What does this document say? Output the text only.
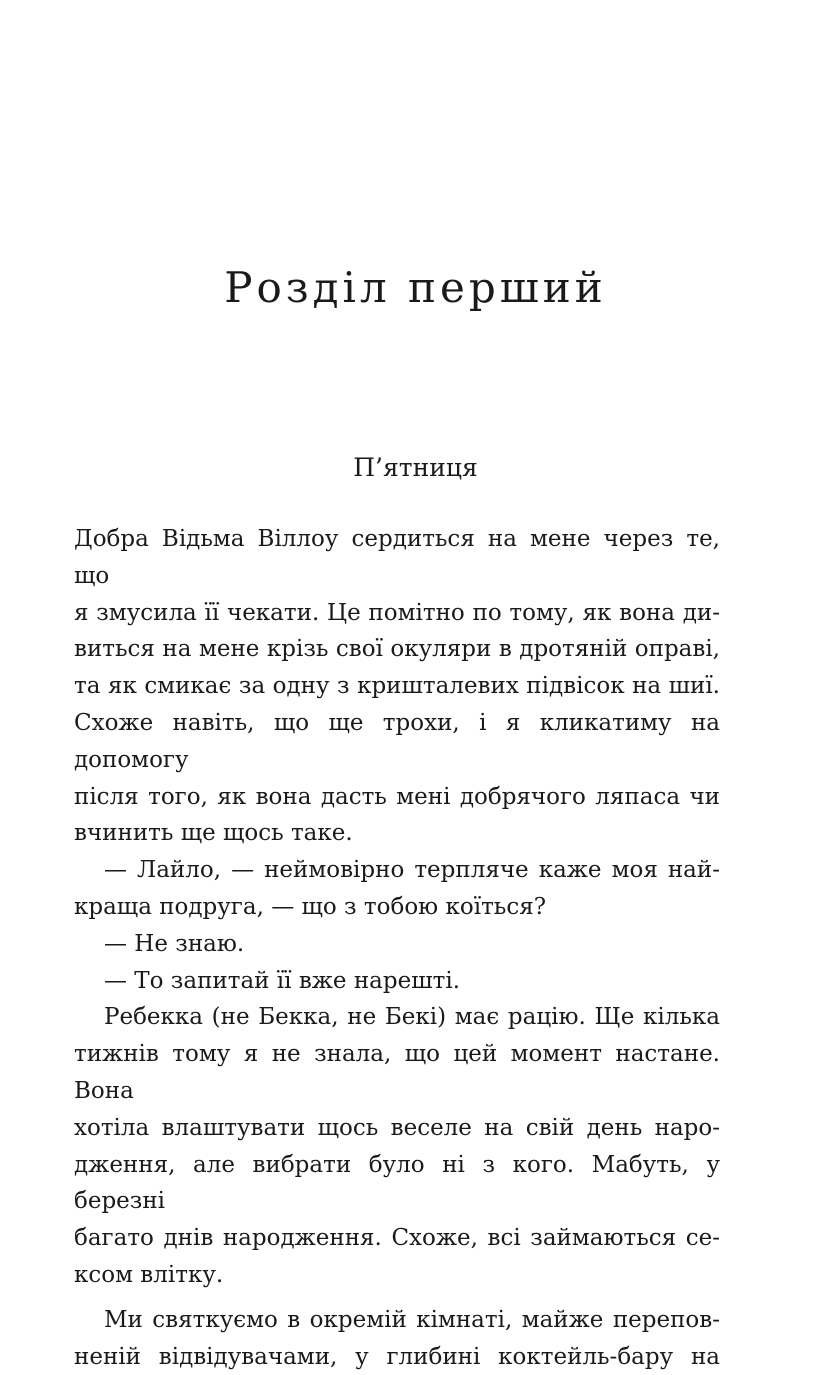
Розділ перший
П’ятниця

Добра Відьма Віллоу сердиться на мене через те, що

я змусила її чекати. Це помітно по тому, як вона ди-

виться на мене крізь свої окуляри в дротяній оправі,

та як смикає за одну з кришталевих підвісок на шиї.

Схоже навіть, що ще трохи, і я кликатиму на допомогу

після того, як вона дасть мені добрячого ляпаса чи

вчинить ще щось таке.

— Лайло, — неймовірно терпляче каже моя най-

краща подруга, — що з тобою коїться?

— Не знаю.

— То запитай її вже нарешті.

Ребекка (не Бекка, не Бекі) має рацію. Ще кілька

тижнів тому я не знала, що цей момент настане. Вона

хотіла влаштувати щось веселе на свій день наро-

дження, але вибрати було ні з кого. Мабуть, у березні

багато днів народження. Схоже, всі займаються се-

ксом влітку.

Ми святкуємо в окремій кімнаті, майже перепов-

неній відвідувачами, у глибині коктейль-бару на
